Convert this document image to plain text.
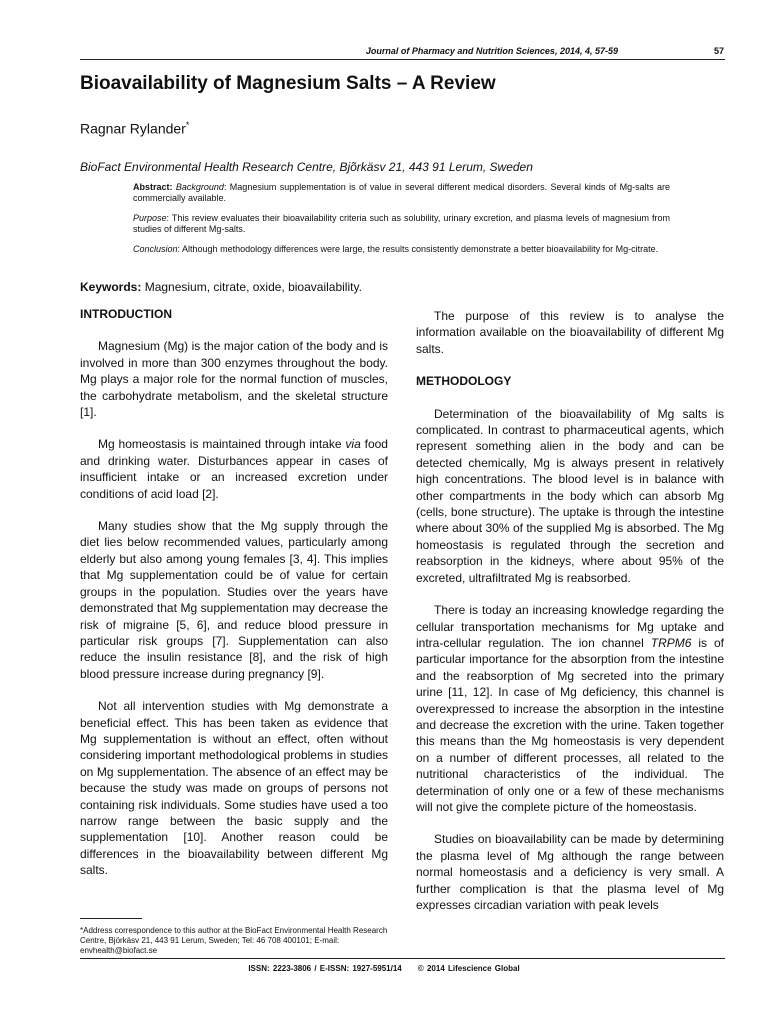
Journal of Pharmacy and Nutrition Sciences, 2014, 4, 57-59	57
Bioavailability of Magnesium Salts – A Review
Ragnar Rylander*
BioFact Environmental Health Research Centre, Bjõrkäsv 21, 443 91 Lerum, Sweden

Abstract: Background: Magnesium supplementation is of value in several different medical disorders. Several kinds of Mg-salts are commercially available.

Purpose: This review evaluates their bioavailability criteria such as solubility, urinary excretion, and plasma levels of magnesium from studies of different Mg-salts.

Conclusion: Although methodology differences were large, the results consistently demonstrate a better bioavailability for Mg-citrate.

Keywords: Magnesium, citrate, oxide, bioavailability.
INTRODUCTION

Magnesium (Mg) is the major cation of the body and is involved in more than 300 enzymes throughout the body. Mg plays a major role for the normal function of muscles, the carbohydrate metabolism, and the skeletal structure [1].

Mg homeostasis is maintained through intake via food and drinking water. Disturbances appear in cases of insufficient intake or an increased excretion under conditions of acid load [2].

Many studies show that the Mg supply through the diet lies below recommended values, particularly among elderly but also among young females [3, 4]. This implies that Mg supplementation could be of value for certain groups in the population. Studies over the years have demonstrated that Mg supplementation may decrease the risk of migraine [5, 6], and reduce blood pressure in particular risk groups [7]. Supplementation can also reduce the insulin resistance [8], and the risk of high blood pressure increase during pregnancy [9].

Not all intervention studies with Mg demonstrate a beneficial effect. This has been taken as evidence that Mg supplementation is without an effect, often without considering important methodological problems in studies on Mg supplementation. The absence of an effect may be because the study was made on groups of persons not containing risk individuals. Some studies have used a too narrow range between the basic supply and the supplementation [10]. Another reason could be differences in the bioavailability between different Mg salts.

The purpose of this review is to analyse the information available on the bioavailability of different Mg salts.

METHODOLOGY

Determination of the bioavailability of Mg salts is complicated. In contrast to pharmaceutical agents, which represent something alien in the body and can be detected chemically, Mg is always present in relatively high concentrations. The blood level is in balance with other compartments in the body which can absorb Mg (cells, bone structure). The uptake is through the intestine where about 30% of the supplied Mg is absorbed. The Mg homeostasis is regulated through the secretion and reabsorption in the kidneys, where about 95% of the excreted, ultrafiltrated Mg is reabsorbed.

There is today an increasing knowledge regarding the cellular transportation mechanisms for Mg uptake and intra-cellular regulation. The ion channel TRPM6 is of particular importance for the absorption from the intestine and the reabsorption of Mg secreted into the primary urine [11, 12]. In case of Mg deficiency, this channel is overexpressed to increase the absorption in the intestine and decrease the excretion with the urine. Taken together this means than the Mg homeostasis is very dependent on a number of different processes, all related to the nutritional characteristics of the individual. The determination of only one or a few of these mechanisms will not give the complete picture of the homeostasis.

Studies on bioavailability can be made by determining the plasma level of Mg although the range between normal homeostasis and a deficiency is very small. A further complication is that the plasma level of Mg expresses circadian variation with peak levels

*Address correspondence to this author at the BioFact Environmental Health Research Centre, Björkäsv 21, 443 91 Lerum, Sweden; Tel: 46 708 400101; E-mail: envhealth@biofact.se
ISSN: 2223-3806 / E-ISSN: 1927-5951/14 © 2014 Lifescience Global
